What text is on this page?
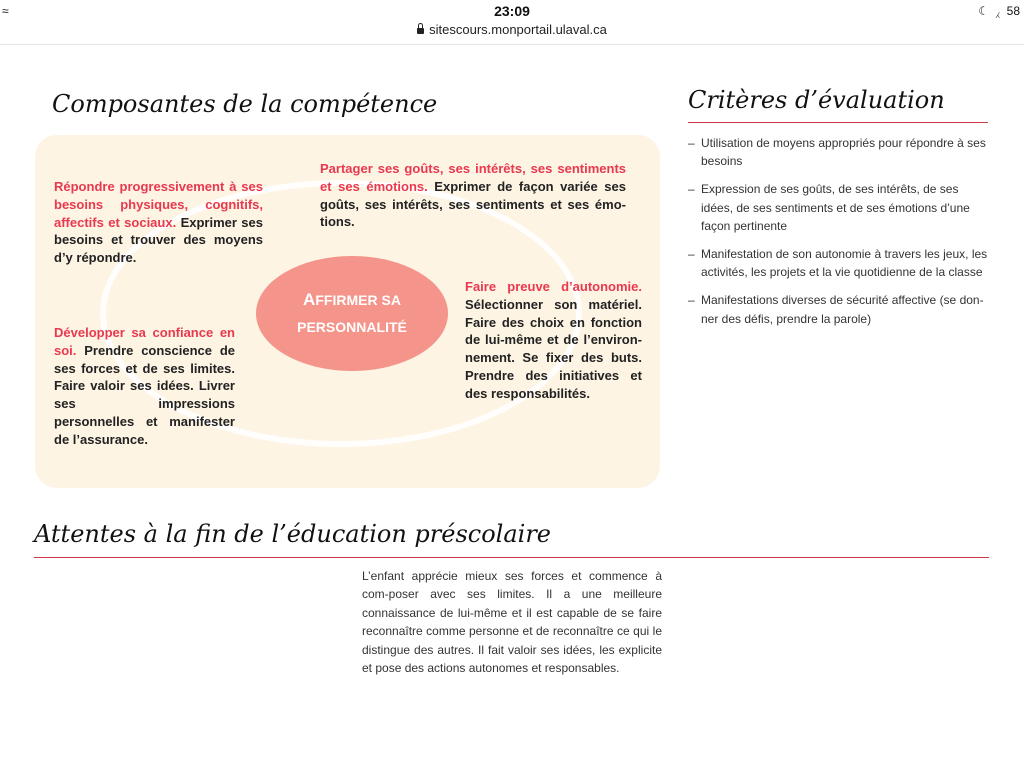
≈	23:09
sitescours.monportail.ulaval.ca
☾ ⁁ 58
Composantes de la compétence
Répondre progressivement à ses besoins physiques, cognitifs, affectifs et sociaux. Exprimer ses besoins et trouver des moyens d’y répondre.
Partager ses goûts, ses intérêts, ses sentiments et ses émotions. Exprimer de façon variée ses goûts, ses intérêts, ses sentiments et ses émo-tions.
Faire preuve d’autonomie. Sélectionner son matériel. Faire des choix en fonction de lui-même et de l’environ-nement. Se fixer des buts. Prendre des initiatives et des responsabilités.
Développer sa confiance en soi. Prendre conscience de ses forces et de ses limites. Faire valoir ses idées. Livrer ses impressions personnelles et manifester de l’assurance.
AFFIRMER SA
PERSONNALITÉ
Critères d’évaluation
– Utilisation de moyens appropriés pour répondre à ses besoins
– Expression de ses goûts, de ses intérêts, de ses idées, de ses sentiments et de ses émotions d’une façon pertinente
– Manifestation de son autonomie à travers les jeux, les activités, les projets et la vie quotidienne de la classe
– Manifestations diverses de sécurité affective (se don-ner des défis, prendre la parole)
Attentes à la fin de l’éducation préscolaire
L’enfant apprécie mieux ses forces et commence à com-poser avec ses limites. Il a une meilleure connaissance de lui-même et il est capable de se faire reconnaître comme personne et de reconnaître ce qui le distingue des autres. Il fait valoir ses idées, les explicite et pose des actions autonomes et responsables.
